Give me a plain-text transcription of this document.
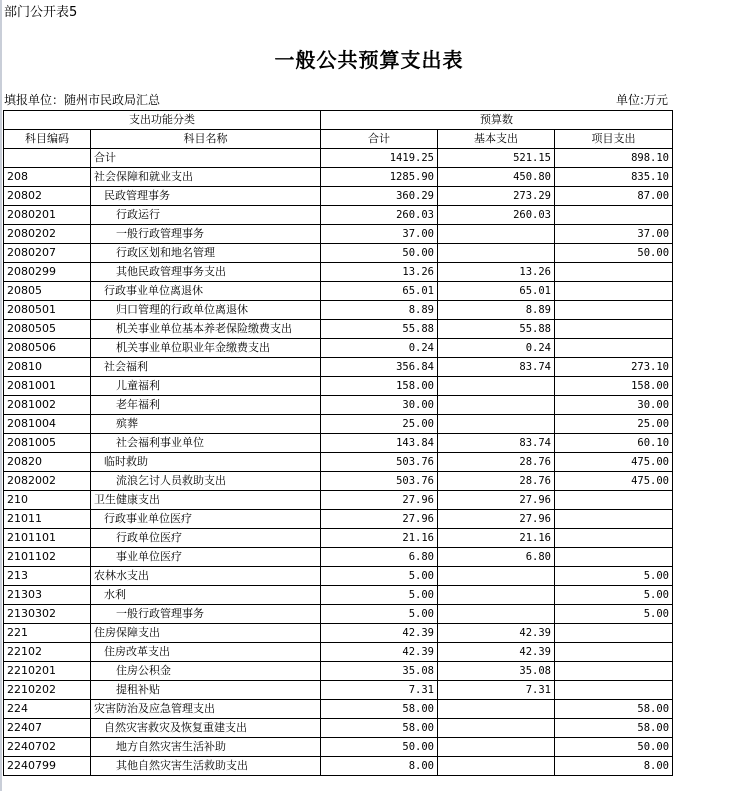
部门公开表5
一般公共预算支出表
填报单位：随州市民政局汇总	单位:万元
支出功能分类		预算数		
科目编码	科目名称	合计	基本支出	项目支出
	合计	1419.25	521.15	898.10
208	社会保障和就业支出	1285.90	450.80	835.10
20802	民政管理事务	360.29	273.29	87.00
2080201	行政运行	260.03	260.03	
2080202	一般行政管理事务	37.00		37.00
2080207	行政区划和地名管理	50.00		50.00
2080299	其他民政管理事务支出	13.26	13.26	
20805	行政事业单位离退休	65.01	65.01	
2080501	归口管理的行政单位离退休	8.89	8.89	
2080505	机关事业单位基本养老保险缴费支出	55.88	55.88	
2080506	机关事业单位职业年金缴费支出	0.24	0.24	
20810	社会福利	356.84	83.74	273.10
2081001	儿童福利	158.00		158.00
2081002	老年福利	30.00		30.00
2081004	殡葬	25.00		25.00
2081005	社会福利事业单位	143.84	83.74	60.10
20820	临时救助	503.76	28.76	475.00
2082002	流浪乞讨人员救助支出	503.76	28.76	475.00
210	卫生健康支出	27.96	27.96	
21011	行政事业单位医疗	27.96	27.96	
2101101	行政单位医疗	21.16	21.16	
2101102	事业单位医疗	6.80	6.80	
213	农林水支出	5.00		5.00
21303	水利	5.00		5.00
2130302	一般行政管理事务	5.00		5.00
221	住房保障支出	42.39	42.39	
22102	住房改革支出	42.39	42.39	
2210201	住房公积金	35.08	35.08	
2210202	提租补贴	7.31	7.31	
224	灾害防治及应急管理支出	58.00		58.00
22407	自然灾害救灾及恢复重建支出	58.00		58.00
2240702	地方自然灾害生活补助	50.00		50.00
2240799	其他自然灾害生活救助支出	8.00		8.00
